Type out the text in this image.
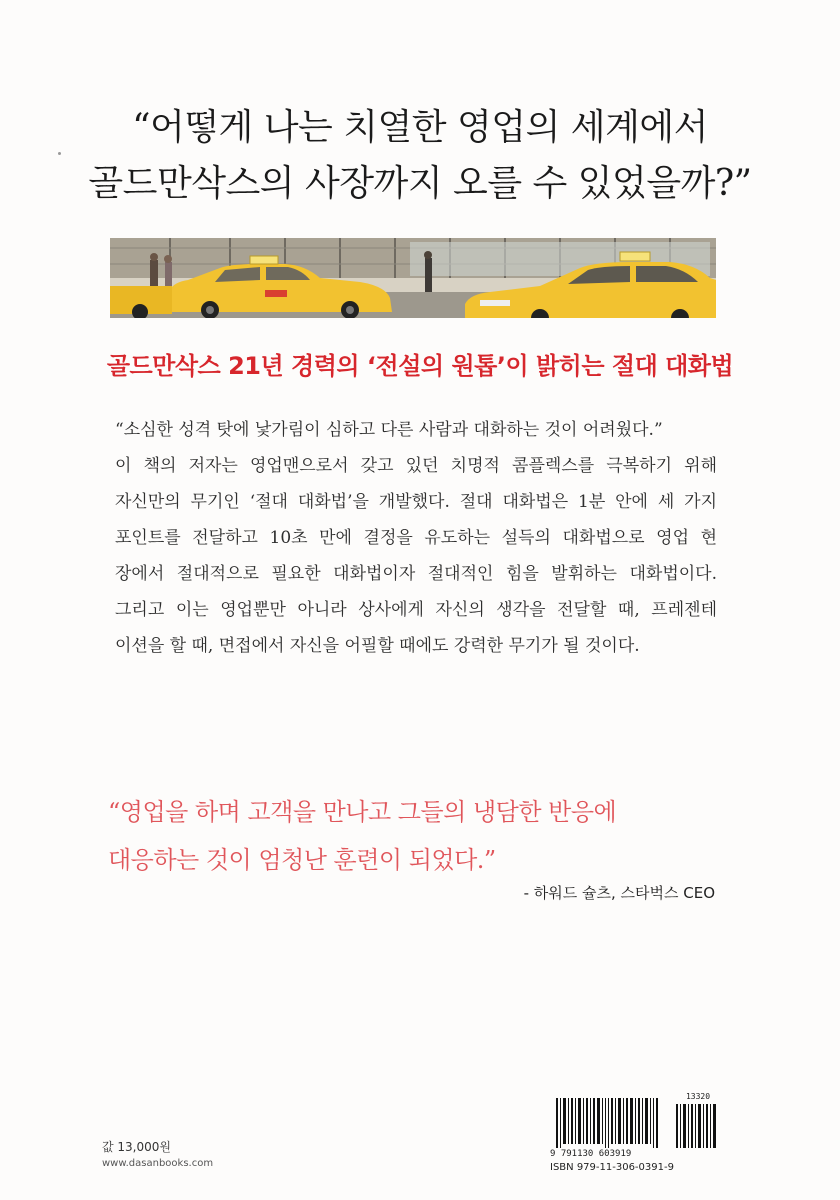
“어떻게 나는 치열한 영업의 세계에서
골드만삭스의 사장까지 오를 수 있었을까?”
골드만삭스 21년 경력의 ‘전설의 원톱’이 밝히는 절대 대화법
“소심한 성격 탓에 낯가림이 심하고 다른 사람과 대화하는 것이 어려웠다.”
이 책의 저자는 영업맨으로서 갖고 있던 치명적 콤플렉스를 극복하기 위해
자신만의 무기인 ‘절대 대화법’을 개발했다. 절대 대화법은 1분 안에 세 가지
포인트를 전달하고 10초 만에 결정을 유도하는 설득의 대화법으로 영업 현
장에서 절대적으로 필요한 대화법이자 절대적인 힘을 발휘하는 대화법이다.
그리고 이는 영업뿐만 아니라 상사에게 자신의 생각을 전달할 때, 프레젠테
이션을 할 때, 면접에서 자신을 어필할 때에도 강력한 무기가 될 것이다.
“영업을 하며 고객을 만나고 그들의 냉담한 반응에
대응하는 것이 엄청난 훈련이 되었다.”
- 하워드 슐츠, 스타벅스 CEO
값 13,000원
www.dasanbooks.com
13320
9 791130 603919
ISBN 979-11-306-0391-9
